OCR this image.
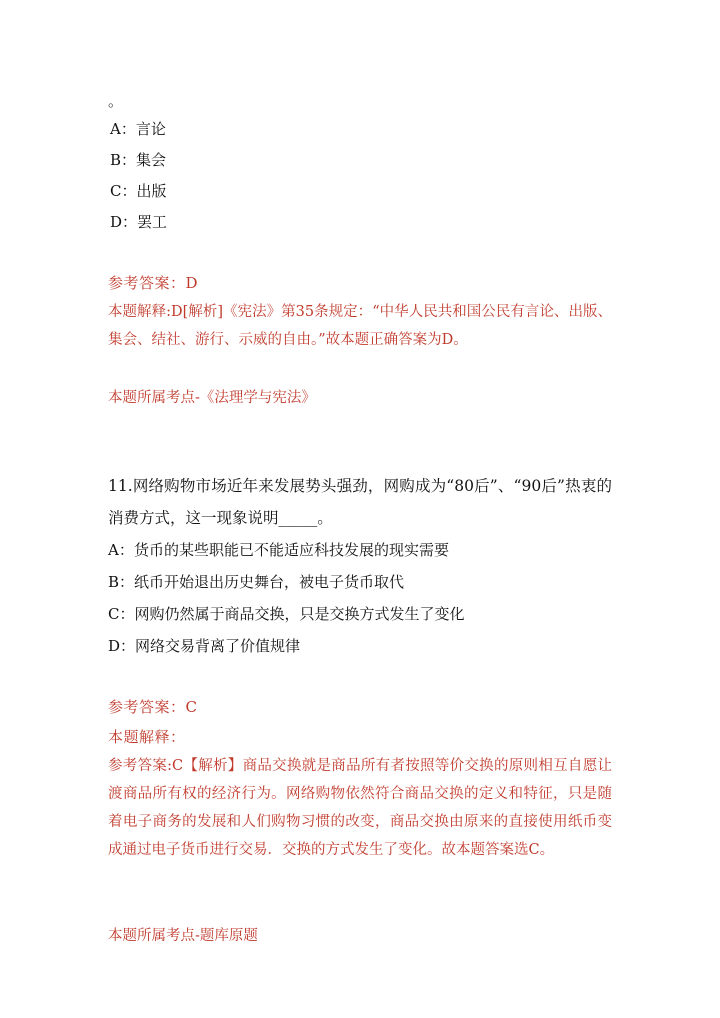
。
A：言论
B：集会
C：出版
D：罢工
参考答案：D
本题解释:D[解析]《宪法》第35条规定：“中华人民共和国公民有言论、出版、集会、结社、游行、示威的自由。”故本题正确答案为D。
本题所属考点-《法理学与宪法》
11.网络购物市场近年来发展势头强劲，网购成为“80后”、“90后”热衷的消费方式，这一现象说明_____。
A：货币的某些职能已不能适应科技发展的现实需要
B：纸币开始退出历史舞台，被电子货币取代
C：网购仍然属于商品交换，只是交换方式发生了变化
D：网络交易背离了价值规律
参考答案：C
本题解释：
参考答案:C【解析】商品交换就是商品所有者按照等价交换的原则相互自愿让渡商品所有权的经济行为。网络购物依然符合商品交换的定义和特征，只是随着电子商务的发展和人们购物习惯的改变，商品交换由原来的直接使用纸币变成通过电子货币进行交易．交换的方式发生了变化。故本题答案选C。
本题所属考点-题库原题
